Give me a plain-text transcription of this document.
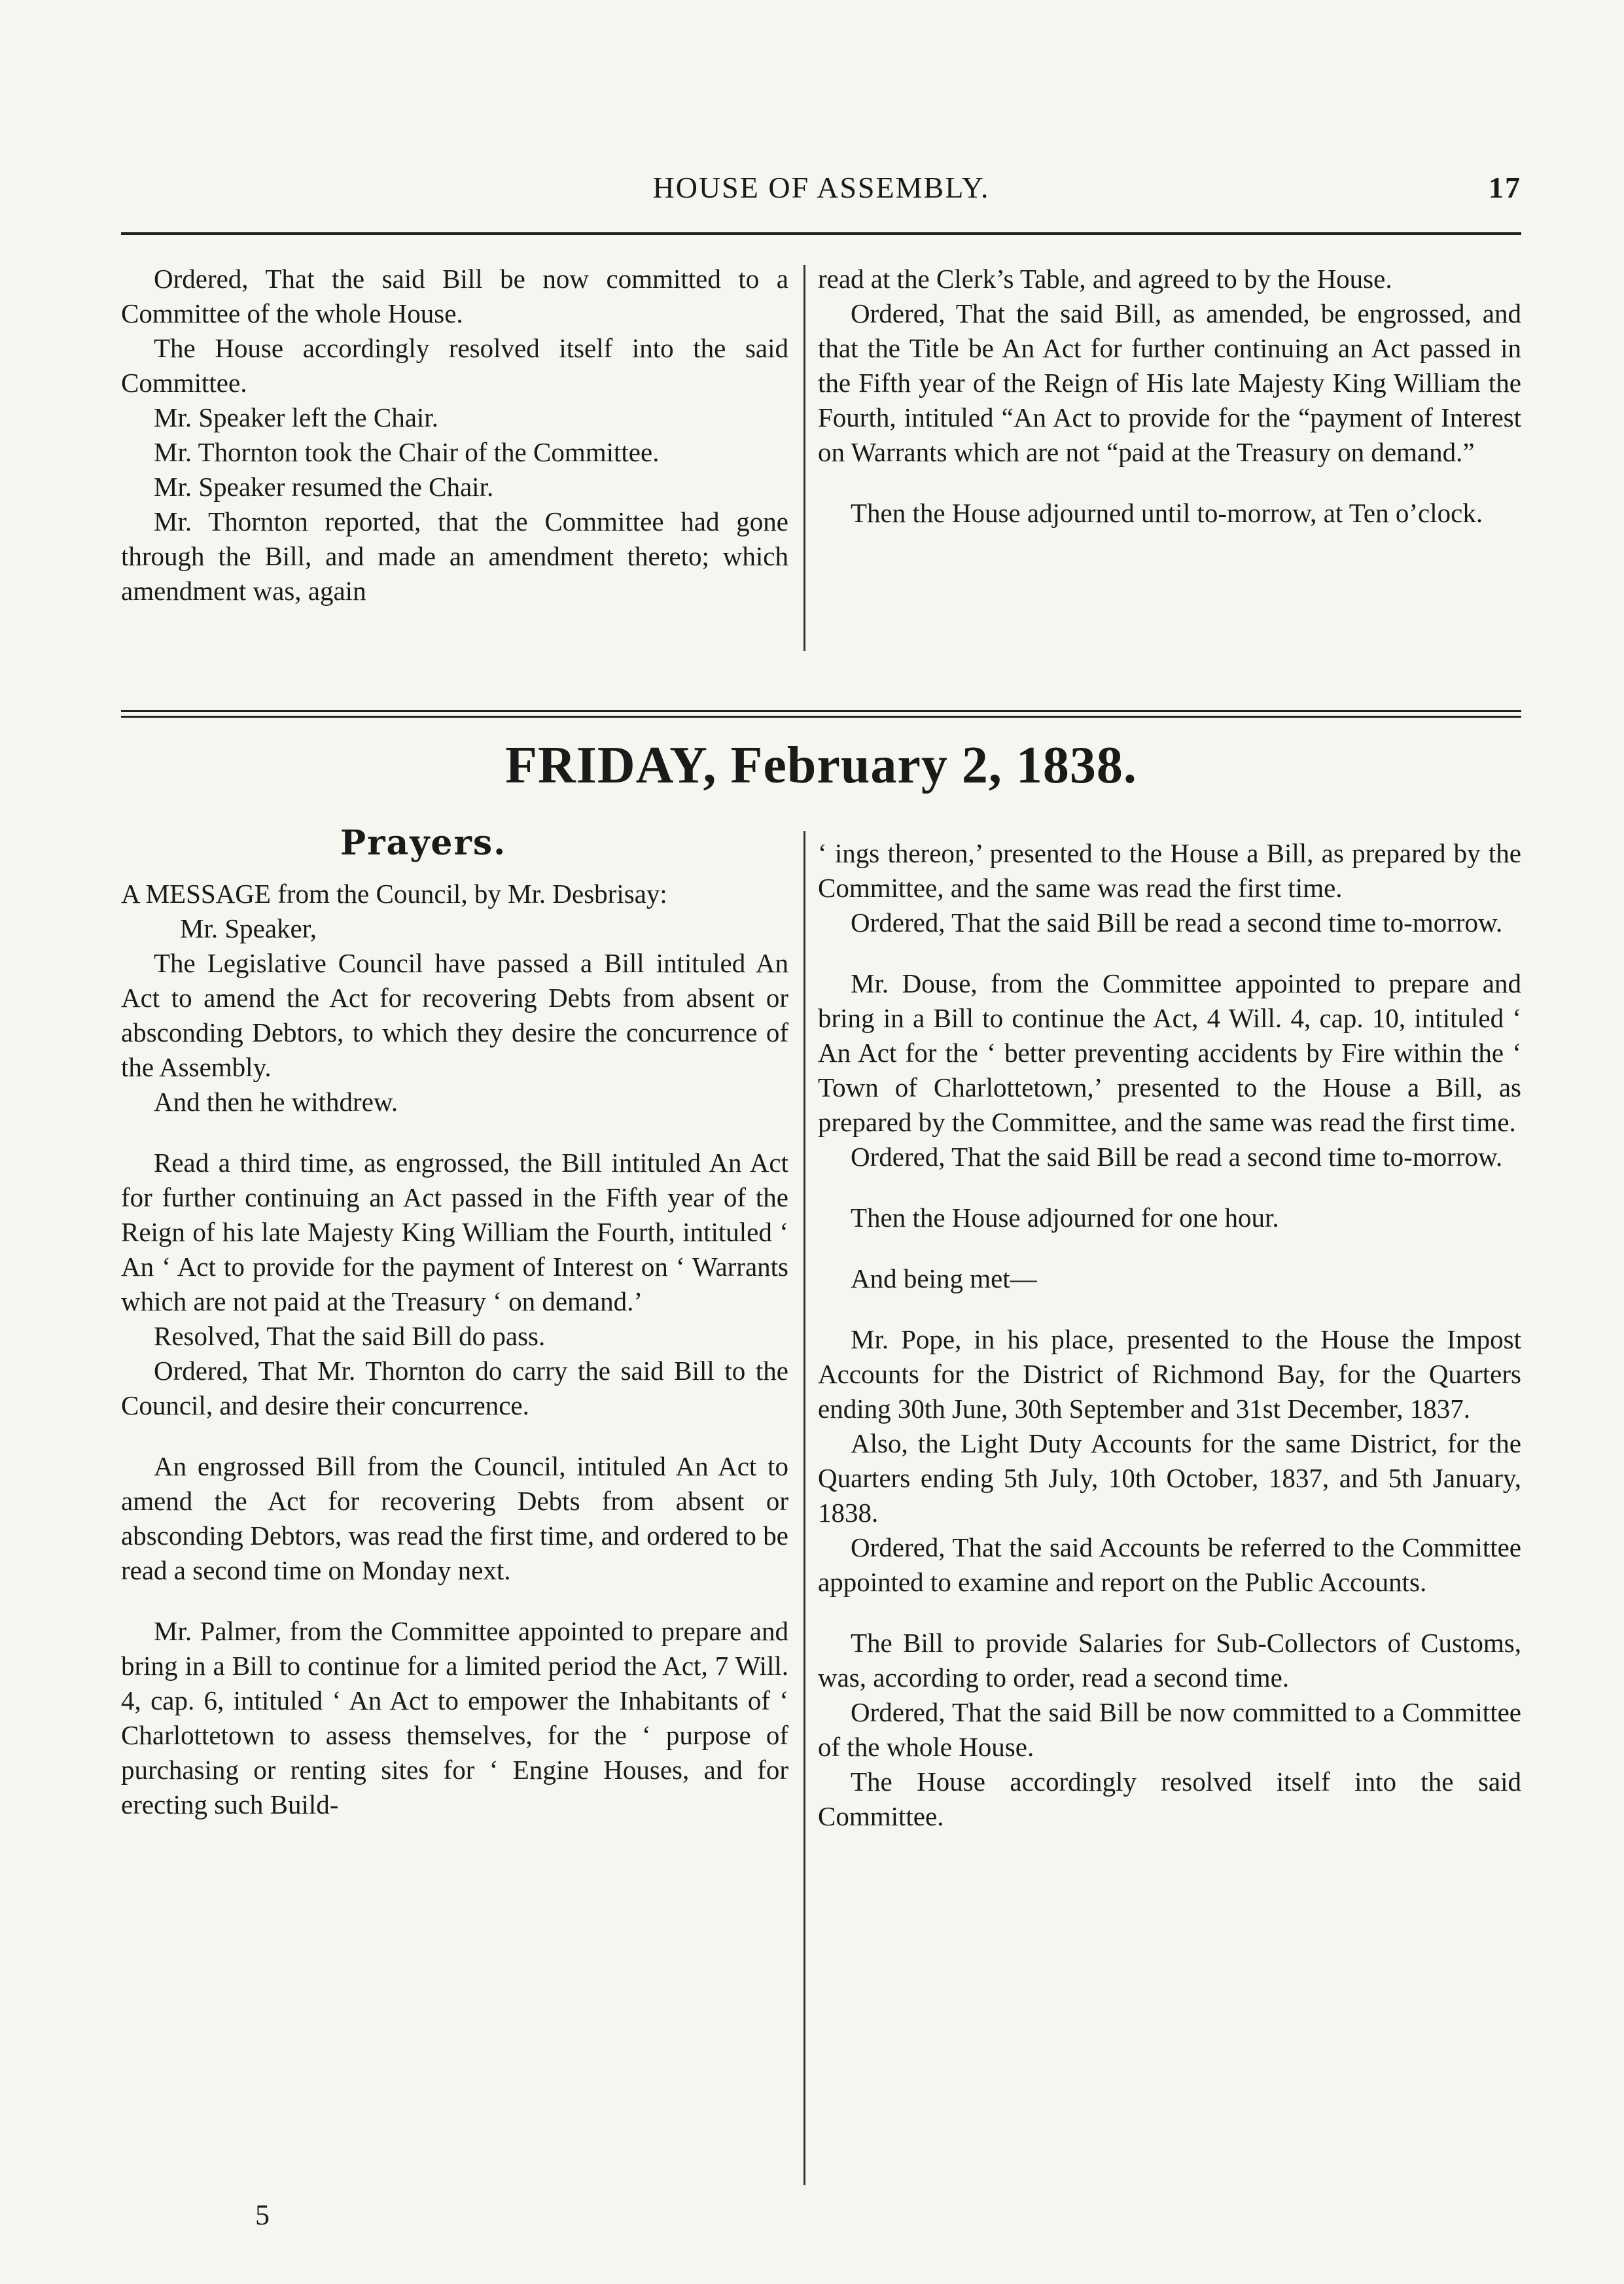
HOUSE OF ASSEMBLY.	17

Ordered, That the said Bill be now committed to a Committee of the whole House.

The House accordingly resolved itself into the said Committee.

Mr. Speaker left the Chair.

Mr. Thornton took the Chair of the Committee.

Mr. Speaker resumed the Chair.

Mr. Thornton reported, that the Committee had gone through the Bill, and made an amendment thereto; which amendment was, again

read at the Clerk’s Table, and agreed to by the House.

Ordered, That the said Bill, as amended, be engrossed, and that the Title be An Act for further continuing an Act passed in the Fifth year of the Reign of His late Majesty King William the Fourth, intituled “An Act to provide for the “payment of Interest on Warrants which are not “paid at the Treasury on demand.”

Then the House adjourned until to-morrow, at Ten o’clock.

FRIDAY, February 2, 1838.
Prayers.

A MESSAGE from the Council, by Mr. Desbrisay:

Mr. Speaker,

The Legislative Council have passed a Bill intituled An Act to amend the Act for recovering Debts from absent or absconding Debtors, to which they desire the concurrence of the Assembly.

And then he withdrew.

Read a third time, as engrossed, the Bill intituled An Act for further continuing an Act passed in the Fifth year of the Reign of his late Majesty King William the Fourth, intituled ‘ An ‘ Act to provide for the payment of Interest on ‘ Warrants which are not paid at the Treasury ‘ on demand.’

Resolved, That the said Bill do pass.

Ordered, That Mr. Thornton do carry the said Bill to the Council, and desire their concurrence.

An engrossed Bill from the Council, intituled An Act to amend the Act for recovering Debts from absent or absconding Debtors, was read the first time, and ordered to be read a second time on Monday next.

Mr. Palmer, from the Committee appointed to prepare and bring in a Bill to continue for a limited period the Act, 7 Will. 4, cap. 6, intituled ‘ An Act to empower the Inhabitants of ‘ Charlottetown to assess themselves, for the ‘ purpose of purchasing or renting sites for ‘ Engine Houses, and for erecting such Build-

‘ ings thereon,’ presented to the House a Bill, as prepared by the Committee, and the same was read the first time.

Ordered, That the said Bill be read a second time to-morrow.

Mr. Douse, from the Committee appointed to prepare and bring in a Bill to continue the Act, 4 Will. 4, cap. 10, intituled ‘ An Act for the ‘ better preventing accidents by Fire within the ‘ Town of Charlottetown,’ presented to the House a Bill, as prepared by the Committee, and the same was read the first time.

Ordered, That the said Bill be read a second time to-morrow.

Then the House adjourned for one hour.

And being met—

Mr. Pope, in his place, presented to the House the Impost Accounts for the District of Richmond Bay, for the Quarters ending 30th June, 30th September and 31st December, 1837.

Also, the Light Duty Accounts for the same District, for the Quarters ending 5th July, 10th October, 1837, and 5th January, 1838.

Ordered, That the said Accounts be referred to the Committee appointed to examine and report on the Public Accounts.

The Bill to provide Salaries for Sub-Collectors of Customs, was, according to order, read a second time.

Ordered, That the said Bill be now committed to a Committee of the whole House.

The House accordingly resolved itself into the said Committee.

5
